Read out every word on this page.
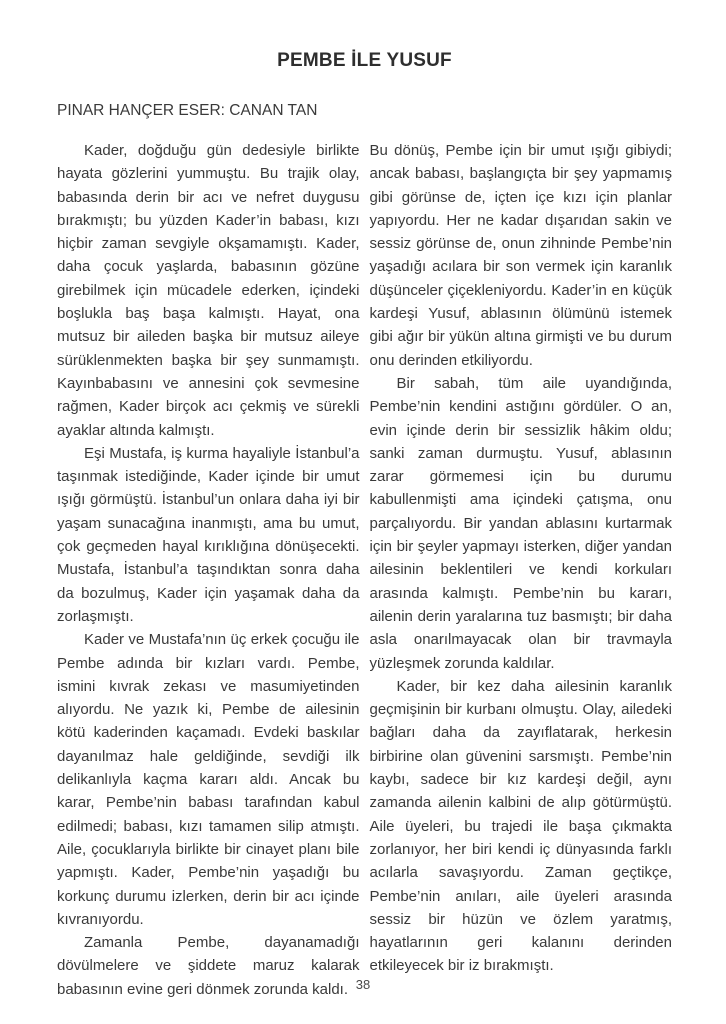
PEMBE İLE YUSUF
PINAR HANÇER ESER: CANAN TAN

Kader, doğduğu gün dedesiyle birlikte hayata gözlerini yummuştu. Bu trajik olay, babasında derin bir acı ve nefret duygusu bırakmıştı; bu yüzden Kader’in babası, kızı hiçbir zaman sevgiyle okşamamıştı. Kader, daha çocuk yaşlarda, babasının gözüne girebilmek için mücadele ederken, içindeki boşlukla baş başa kalmıştı. Hayat, ona mutsuz bir aileden başka bir mutsuz aileye sürüklenmekten başka bir şey sunmamıştı. Kayınbabasını ve annesini çok sevmesine rağmen, Kader birçok acı çekmiş ve sürekli ayaklar altında kalmıştı.

Eşi Mustafa, iş kurma hayaliyle İstanbul’a taşınmak istediğinde, Kader içinde bir umut ışığı görmüştü. İstanbul’un onlara daha iyi bir yaşam sunacağına inanmıştı, ama bu umut, çok geçmeden hayal kırıklığına dönüşecekti. Mustafa, İstanbul’a taşındıktan sonra daha da bozulmuş, Kader için yaşamak daha da zorlaşmıştı.

Kader ve Mustafa’nın üç erkek çocuğu ile Pembe adında bir kızları vardı. Pembe, ismini kıvrak zekası ve masumiyetinden alıyordu. Ne yazık ki, Pembe de ailesinin kötü kaderinden kaçamadı. Evdeki baskılar dayanılmaz hale geldiğinde, sevdiği ilk delikanlıyla kaçma kararı aldı. Ancak bu karar, Pembe’nin babası tarafından kabul edilmedi; babası, kızı tamamen silip atmıştı. Aile, çocuklarıyla birlikte bir cinayet planı bile yapmıştı. Kader, Pembe’nin yaşadığı bu korkunç durumu izlerken, derin bir acı içinde kıvranıyordu.

Zamanla Pembe, dayanamadığı dövülmelere ve şiddete maruz kalarak babasının evine geri dönmek zorunda kaldı.

Bu dönüş, Pembe için bir umut ışığı gibiydi; ancak babası, başlangıçta bir şey yapmamış gibi görünse de, içten içe kızı için planlar yapıyordu. Her ne kadar dışarıdan sakin ve sessiz görünse de, onun zihninde Pembe’nin yaşadığı acılara bir son vermek için karanlık düşünceler çiçekleniyordu. Kader’in en küçük kardeşi Yusuf, ablasının ölümünü istemek gibi ağır bir yükün altına girmişti ve bu durum onu derinden etkiliyordu.

Bir sabah, tüm aile uyandığında, Pembe’nin kendini astığını gördüler. O an, evin içinde derin bir sessizlik hâkim oldu; sanki zaman durmuştu. Yusuf, ablasının zarar görmemesi için bu durumu kabullenmişti ama içindeki çatışma, onu parçalıyordu. Bir yandan ablasını kurtarmak için bir şeyler yapmayı isterken, diğer yandan ailesinin beklentileri ve kendi korkuları arasında kalmıştı. Pembe’nin bu kararı, ailenin derin yaralarına tuz basmıştı; bir daha asla onarılmayacak olan bir travmayla yüzleşmek zorunda kaldılar.

Kader, bir kez daha ailesinin karanlık geçmişinin bir kurbanı olmuştu. Olay, ailedeki bağları daha da zayıflatarak, herkesin birbirine olan güvenini sarsmıştı. Pembe’nin kaybı, sadece bir kız kardeşi değil, aynı zamanda ailenin kalbini de alıp götürmüştü. Aile üyeleri, bu trajedi ile başa çıkmakta zorlanıyor, her biri kendi iç dünyasında farklı acılarla savaşıyordu. Zaman geçtikçe, Pembe’nin anıları, aile üyeleri arasında sessiz bir hüzün ve özlem yaratmış, hayatlarının geri kalanını derinden etkileyecek bir iz bırakmıştı.

38
